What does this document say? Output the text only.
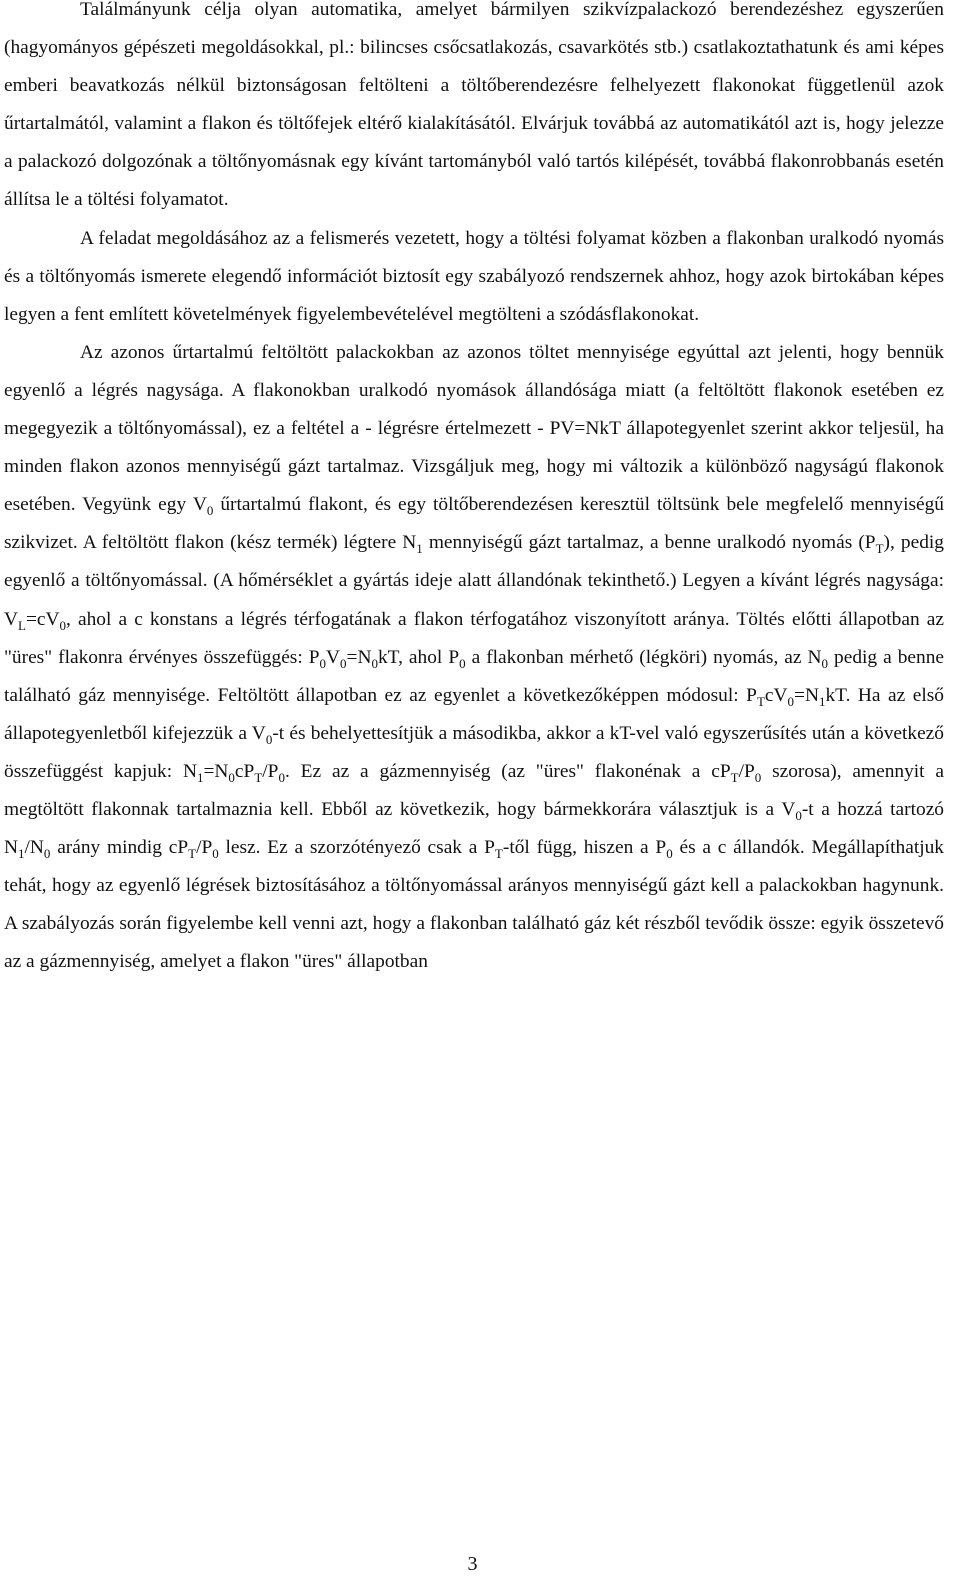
Találmányunk célja olyan automatika, amelyet bármilyen szikvízpalackozó berendezéshez egyszerűen (hagyományos gépészeti megoldásokkal, pl.: bilincses csőcsatlakozás, csavarkötés stb.) csatlakoztathatunk és ami képes emberi beavatkozás nélkül biztonságosan feltölteni a töltőberendezésre felhelyezett flakonokat függetlenül azok űrtartalmától, valamint a flakon és töltőfejek eltérő kialakításától. Elvárjuk továbbá az automatikától azt is, hogy jelezze a palackozó dolgozónak a töltőnyomásnak egy kívánt tartományból való tartós kilépését, továbbá flakonrobbanás esetén állítsa le a töltési folyamatot.

A feladat megoldásához az a felismerés vezetett, hogy a töltési folyamat közben a flakonban uralkodó nyomás és a töltőnyomás ismerete elegendő információt biztosít egy szabályozó rendszernek ahhoz, hogy azok birtokában képes legyen a fent említett követelmények figyelembevételével megtölteni a szódásflakonokat.

Az azonos űrtartalmú feltöltött palackokban az azonos töltet mennyisége egyúttal azt jelenti, hogy bennük egyenlő a légrés nagysága. A flakonokban uralkodó nyomások állandósága miatt (a feltöltött flakonok esetében ez megegyezik a töltőnyomással), ez a feltétel a - légrésre értelmezett - PV=NkT állapotegyenlet szerint akkor teljesül, ha minden flakon azonos mennyiségű gázt tartalmaz. Vizsgáljuk meg, hogy mi változik a különböző nagyságú flakonok esetében. Vegyünk egy $V_0$ űrtartalmú flakont, és egy töltőberendezésen keresztül töltsünk bele megfelelő mennyiségű szikvizet. A feltöltött flakon (kész termék) légtere $N_1$ mennyiségű gázt tartalmaz, a benne uralkodó nyomás $(P_T)$, pedig egyenlő a töltőnyomással. (A hőmérséklet a gyártás ideje alatt állandónak tekinthető.) Legyen a kívánt légrés nagysága: $V_L=cV_0$, ahol a c konstans a légrés térfogatának a flakon térfogatához viszonyított aránya. Töltés előtti állapotban az "üres" flakonra érvényes összefüggés: $P_0V_0=N_0kT$, ahol $P_0$ a flakonban mérhető (légköri) nyomás, az $N_0$ pedig a benne található gáz mennyisége. Feltöltött állapotban ez az egyenlet a következőképpen módosul: $P_TcV_0=N_1kT$. Ha az első állapotegyenletből kifejezzük a $V_0-t$ és behelyettesítjük a másodikba, akkor a kT-vel való egyszerűsítés után a következő összefüggést kapjuk: $N_1=N_0cP_T/P_0$. Ez az a gázmennyiség (az "üres" flakonénak a $cP_T/P_0$ szorosa), amennyit a megtöltött flakonnak tartalmaznia kell. Ebből az következik, hogy bármekkorára választjuk is a $V_0-t$ a hozzá tartozó $N_1/N_0$ arány mindig $cP_T/P_0$ lesz. Ez a szorzótényező csak a $P_T$-től függ, hiszen a $P_0$ és a c állandók. Megállapíthatjuk tehát, hogy az egyenlő légrések biztosításához a töltőnyomással arányos mennyiségű gázt kell a palackokban hagynunk. A szabályozás során figyelembe kell venni azt, hogy a flakonban található gáz két részből tevődik össze: egyik összetevő az a gázmennyiség, amelyet a flakon "üres" állapotban

3
